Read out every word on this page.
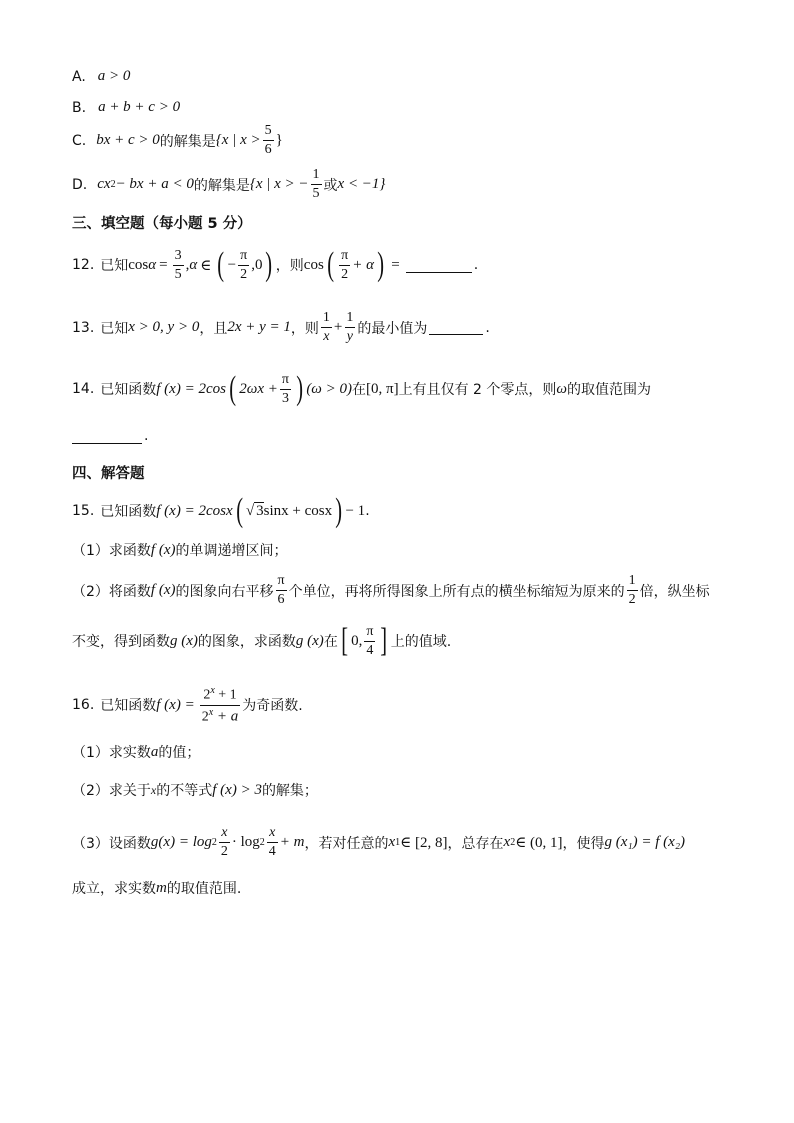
A. a > 0
B. a + b + c > 0
C. bx + c > 0 的解集是 {x | $x > \frac{5}{6}$ }
D. cx 2 − bx + a < 0 的解集是 {x | x > − $\frac{1}{5}$ 或 x < −1}
三、填空题（每小题 5 分）
12. 已知 $\cos \alpha = \frac{3}{5}$ , α ∈ ( − $\frac{\pi}{2} ,0$ ) ，则 cos ( $\frac{\pi}{2} + \alpha$ ) =	.
13. 已知 x > 0, y > 0 ，且 2x + y = 1 ，则 $\frac{1}{x} + \frac{1}{y}$ 的最小值为	.
14. 已知函数 f (x) = 2cos ( $2\omega x + \frac{\pi}{3}$ ) (ω > 0) 在 [0, π] 上有且仅有 2 个零点，则 ω 的取值范围为
.
四、解答题
15. 已知函数 f (x) = 2cosx ( √ 3 sinx + cosx ) − 1 .
（1） 求函数 f (x) 的单调递增区间；
（2） 将函数 f (x) 的图象向右平移 $\frac{\pi}{6}$ 个单位，再将所得图象上所有点的横坐标缩短为原来的 $\frac{1}{2}$ 倍，纵坐标
不变，得到函数 g (x) 的图象，求函数 g (x) 在 [ 0, $\frac{\pi}{4}$ ] 上的值域.
16. 已知函数 f $(x) = \frac{2^x + 1}{2^x + a}$ 为奇函数.
（1） 求实数 a 的值；
（2） 求关于 x 的不等式 f (x) > 3 的解集；
（3） 设函数 $g(x) = \log 2 \frac{x}{2} \cdot \log 2 \frac{x}{4} + m$ ，若对任意的 x 1 ∈ [2, 8] ，总存在 x 2 ∈ (0, 1] ，使得 g (x₁) = f (x₂)
成立，求实数 m 的取值范围.
